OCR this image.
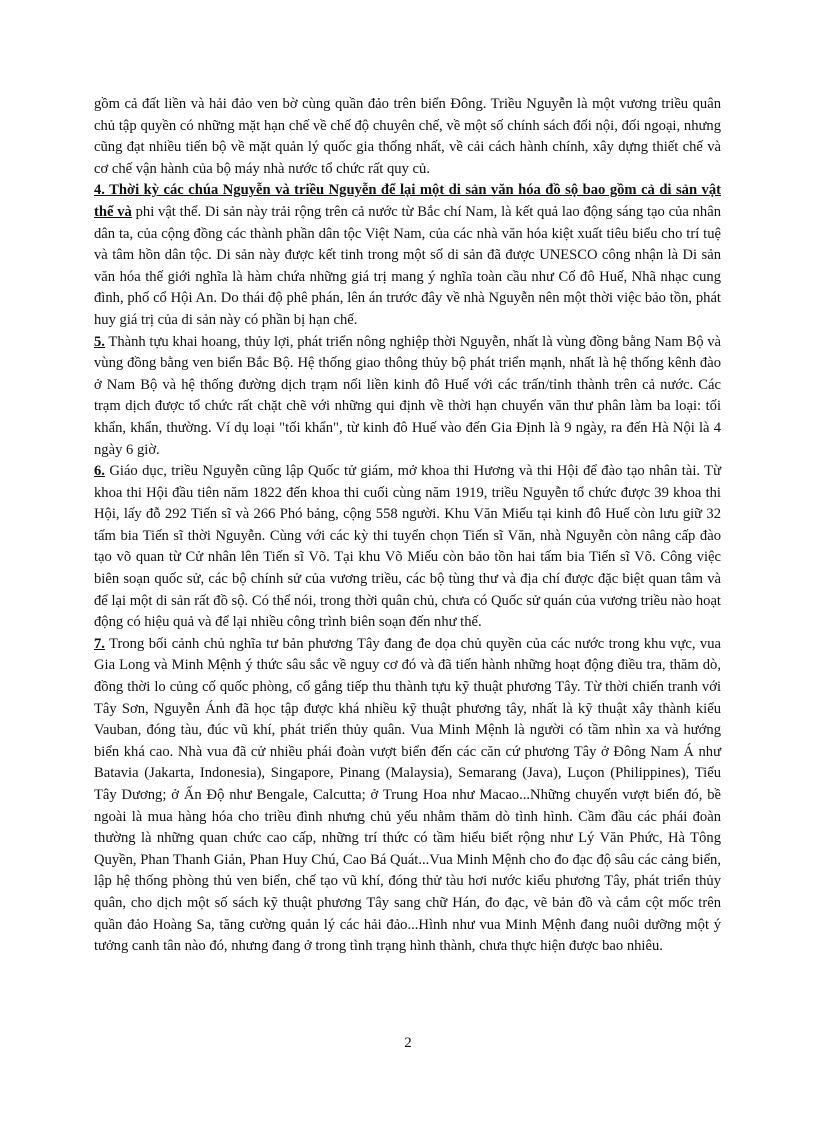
gồm cả đất liền và hải đảo ven bờ cùng quần đảo trên biển Đông. Triều Nguyễn là một vương triều quân chủ tập quyền có những mặt hạn chế về chế độ chuyên chế, về một số chính sách đối nội, đối ngoại, nhưng cũng đạt nhiều tiến bộ về mặt quản lý quốc gia thống nhất, về cải cách hành chính, xây dựng thiết chế và cơ chế vận hành của bộ máy nhà nước tổ chức rất quy củ.

4. Thời kỳ các chúa Nguyễn và triều Nguyễn để lại một di sản văn hóa đồ sộ bao gồm cả di sản vật thể và phi vật thể. Di sản này trải rộng trên cả nước từ Bắc chí Nam, là kết quả lao động sáng tạo của nhân dân ta, của cộng đồng các thành phần dân tộc Việt Nam, của các nhà văn hóa kiệt xuất tiêu biểu cho trí tuệ và tâm hồn dân tộc. Di sản này được kết tinh trong một số di sản đã được UNESCO công nhận là Di sản văn hóa thế giới nghĩa là hàm chứa những giá trị mang ý nghĩa toàn cầu như Cố đô Huế, Nhã nhạc cung đình, phố cổ Hội An. Do thái độ phê phán, lên án trước đây về nhà Nguyễn nên một thời việc bảo tồn, phát huy giá trị của di sản này có phần bị hạn chế.

5. Thành tựu khai hoang, thủy lợi, phát triển nông nghiệp thời Nguyễn, nhất là vùng đồng bằng Nam Bộ và vùng đồng bằng ven biển Bắc Bộ. Hệ thống giao thông thủy bộ phát triển mạnh, nhất là hệ thống kênh đào ở Nam Bộ và hệ thống đường dịch trạm nối liền kinh đô Huế với các trấn/tỉnh thành trên cả nước. Các trạm dịch được tổ chức rất chặt chẽ với những qui định về thời hạn chuyển văn thư phân làm ba loại: tối khẩn, khẩn, thường. Ví dụ loại "tối khẩn", từ kinh đô Huế vào đến Gia Định là 9 ngày, ra đến Hà Nội là 4 ngày 6 giờ.

6. Giáo dục, triều Nguyễn cũng lập Quốc tử giám, mở khoa thi Hương và thi Hội để đào tạo nhân tài. Từ khoa thi Hội đầu tiên năm 1822 đến khoa thi cuối cùng năm 1919, triều Nguyễn tổ chức được 39 khoa thi Hội, lấy đỗ 292 Tiến sĩ và 266 Phó bảng, cộng 558 người. Khu Văn Miếu tại kinh đô Huế còn lưu giữ 32 tấm bia Tiến sĩ thời Nguyễn. Cùng với các kỳ thi tuyển chọn Tiến sĩ Văn, nhà Nguyễn còn nâng cấp đào tạo võ quan từ Cử nhân lên Tiến sĩ Võ. Tại khu Võ Miếu còn bảo tồn hai tấm bia Tiến sĩ Võ. Công việc biên soạn quốc sử, các bộ chính sử của vương triều, các bộ tùng thư và địa chí được đặc biệt quan tâm và để lại một di sản rất đồ sộ. Có thể nói, trong thời quân chủ, chưa có Quốc sử quán của vương triều nào hoạt động có hiệu quả và để lại nhiều công trình biên soạn đến như thế.

7. Trong bối cảnh chủ nghĩa tư bản phương Tây đang đe dọa chủ quyền của các nước trong khu vực, vua Gia Long và Minh Mệnh ý thức sâu sắc về nguy cơ đó và đã tiến hành những hoạt động điều tra, thăm dò, đồng thời lo củng cố quốc phòng, cố gắng tiếp thu thành tựu kỹ thuật phương Tây. Từ thời chiến tranh với Tây Sơn, Nguyễn Ánh đã học tập được khá nhiều kỹ thuật phương tây, nhất là kỹ thuật xây thành kiểu Vauban, đóng tàu, đúc vũ khí, phát triển thủy quân. Vua Minh Mệnh là người có tầm nhìn xa và hướng biển khá cao. Nhà vua đã cử nhiều phái đoàn vượt biển đến các căn cứ phương Tây ở Đông Nam Á như Batavia (Jakarta, Indonesia), Singapore, Pinang (Malaysia), Semarang (Java), Luçon (Philippines), Tiểu Tây Dương; ở Ấn Độ như Bengale, Calcutta; ở Trung Hoa như Macao...Những chuyến vượt biển đó, bề ngoài là mua hàng hóa cho triều đình nhưng chủ yếu nhằm thăm dò tình hình. Cầm đầu các phái đoàn thường là những quan chức cao cấp, những trí thức có tầm hiểu biết rộng như Lý Văn Phức, Hà Tông Quyền, Phan Thanh Giản, Phan Huy Chú, Cao Bá Quát...Vua Minh Mệnh cho đo đạc độ sâu các cảng biển, lập hệ thống phòng thủ ven biển, chế tạo vũ khí, đóng thử tàu hơi nước kiểu phương Tây, phát triển thủy quân, cho dịch một số sách kỹ thuật phương Tây sang chữ Hán, đo đạc, vẽ bản đồ và cắm cột mốc trên quần đảo Hoàng Sa, tăng cường quản lý các hải đảo...Hình như vua Minh Mệnh đang nuôi dưỡng một ý tưởng canh tân nào đó, nhưng đang ở trong tình trạng hình thành, chưa thực hiện được bao nhiêu.

2
